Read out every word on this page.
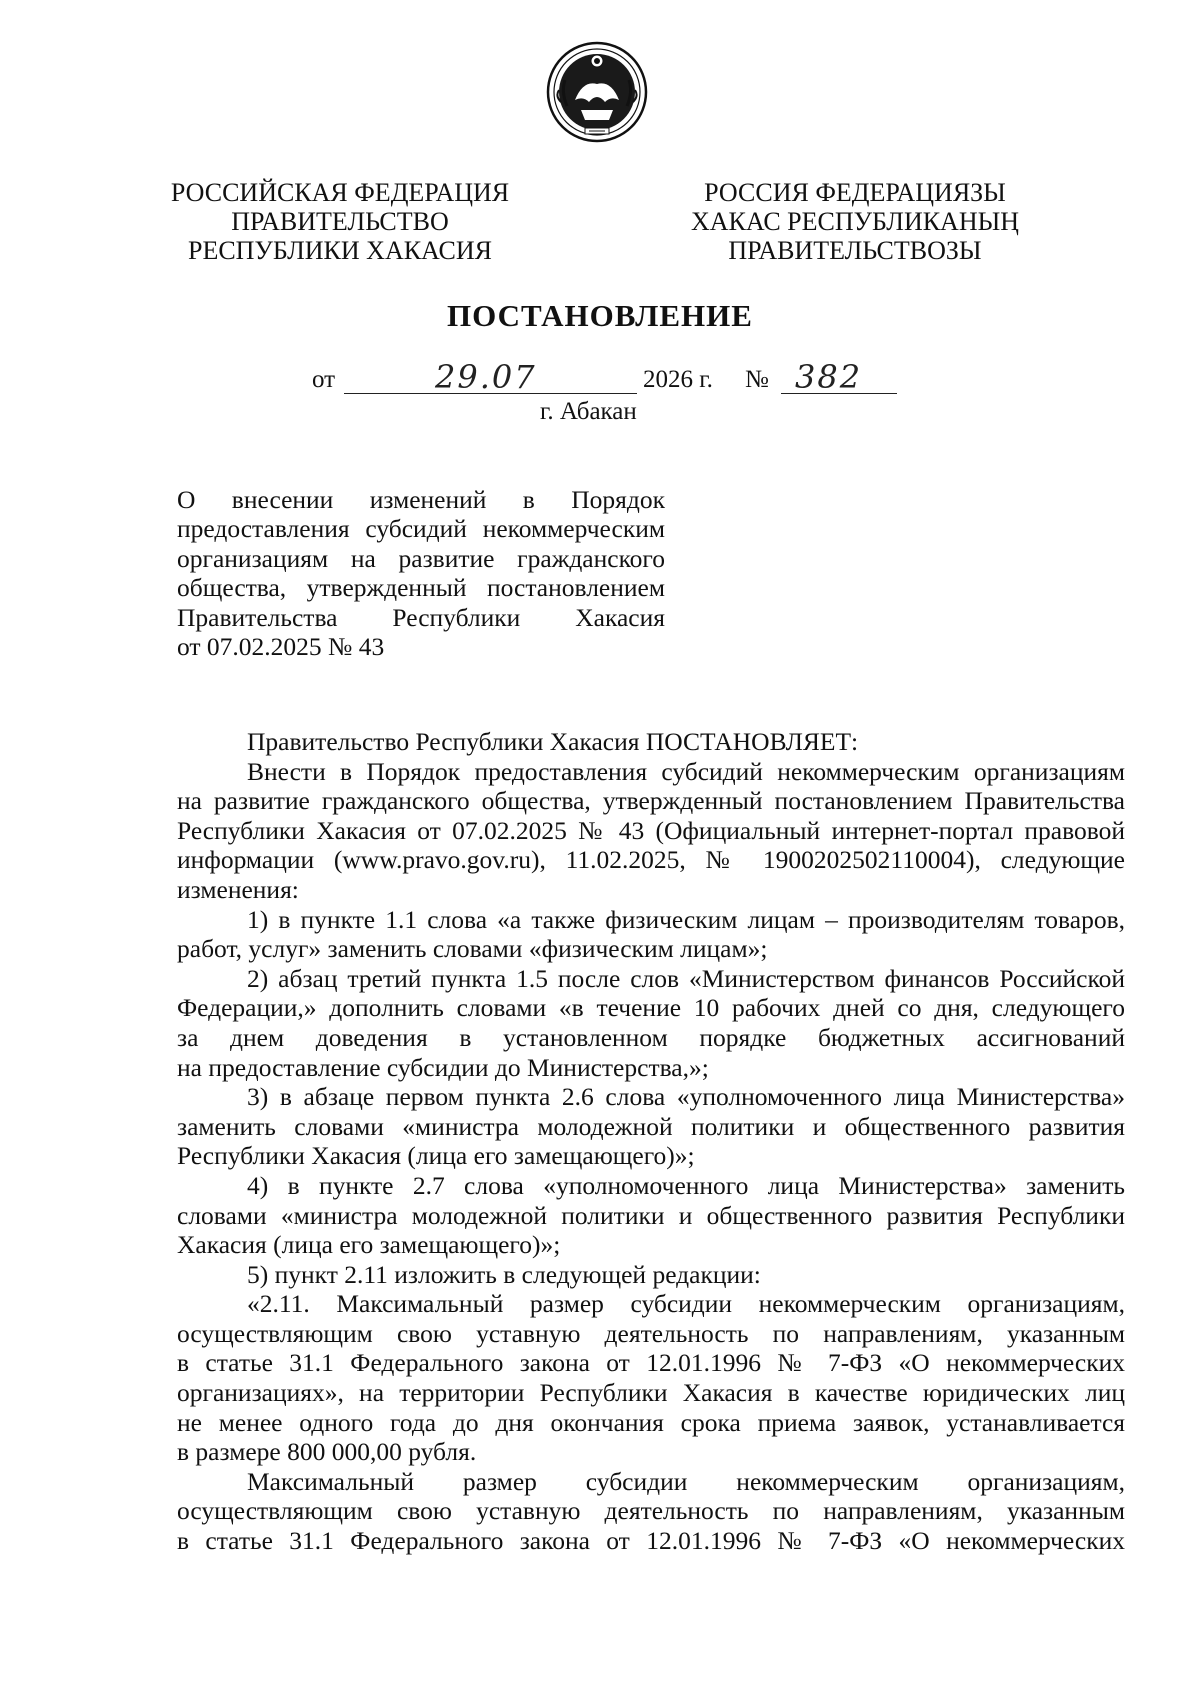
РОССИЙСКАЯ ФЕДЕРАЦИЯ
ПРАВИТЕЛЬСТВО
РЕСПУБЛИКИ ХАКАСИЯ
РОССИЯ ФЕДЕРАЦИЯЗЫ
ХАКАС РЕСПУБЛИКАНЫҢ
ПРАВИТЕЛЬСТВОЗЫ
ПОСТАНОВЛЕНИЕ
от	29.07	2026 г. № 382
г. Абакан
О внесении изменений в Порядок
предоставления субсидий некоммерческим
организациям на развитие гражданского
общества, утвержденный постановлением
Правительства Республики Хакасия
от 07.02.2025 № 43
Правительство Республики Хакасия ПОСТАНОВЛЯЕТ:
Внести в Порядок предоставления субсидий некоммерческим организациям
на развитие гражданского общества, утвержденный постановлением Правительства
Республики Хакасия от 07.02.2025 № 43 (Официальный интернет-портал правовой
информации (www.pravo.gov.ru), 11.02.2025, № 1900202502110004), следующие
изменения:
1) в пункте 1.1 слова «а также физическим лицам – производителям товаров,
работ, услуг» заменить словами «физическим лицам»;
2) абзац третий пункта 1.5 после слов «Министерством финансов Российской
Федерации,» дополнить словами «в течение 10 рабочих дней со дня, следующего
за днем доведения в установленном порядке бюджетных ассигнований
на предоставление субсидии до Министерства,»;
3) в абзаце первом пункта 2.6 слова «уполномоченного лица Министерства»
заменить словами «министра молодежной политики и общественного развития
Республики Хакасия (лица его замещающего)»;
4) в пункте 2.7 слова «уполномоченного лица Министерства» заменить
словами «министра молодежной политики и общественного развития Республики
Хакасия (лица его замещающего)»;
5) пункт 2.11 изложить в следующей редакции:
«2.11. Максимальный размер субсидии некоммерческим организациям,
осуществляющим свою уставную деятельность по направлениям, указанным
в статье 31.1 Федерального закона от 12.01.1996 № 7-ФЗ «О некоммерческих
организациях», на территории Республики Хакасия в качестве юридических лиц
не менее одного года до дня окончания срока приема заявок, устанавливается
в размере 800 000,00 рубля.
Максимальный размер субсидии некоммерческим организациям,
осуществляющим свою уставную деятельность по направлениям, указанным
в статье 31.1 Федерального закона от 12.01.1996 № 7-ФЗ «О некоммерческих
